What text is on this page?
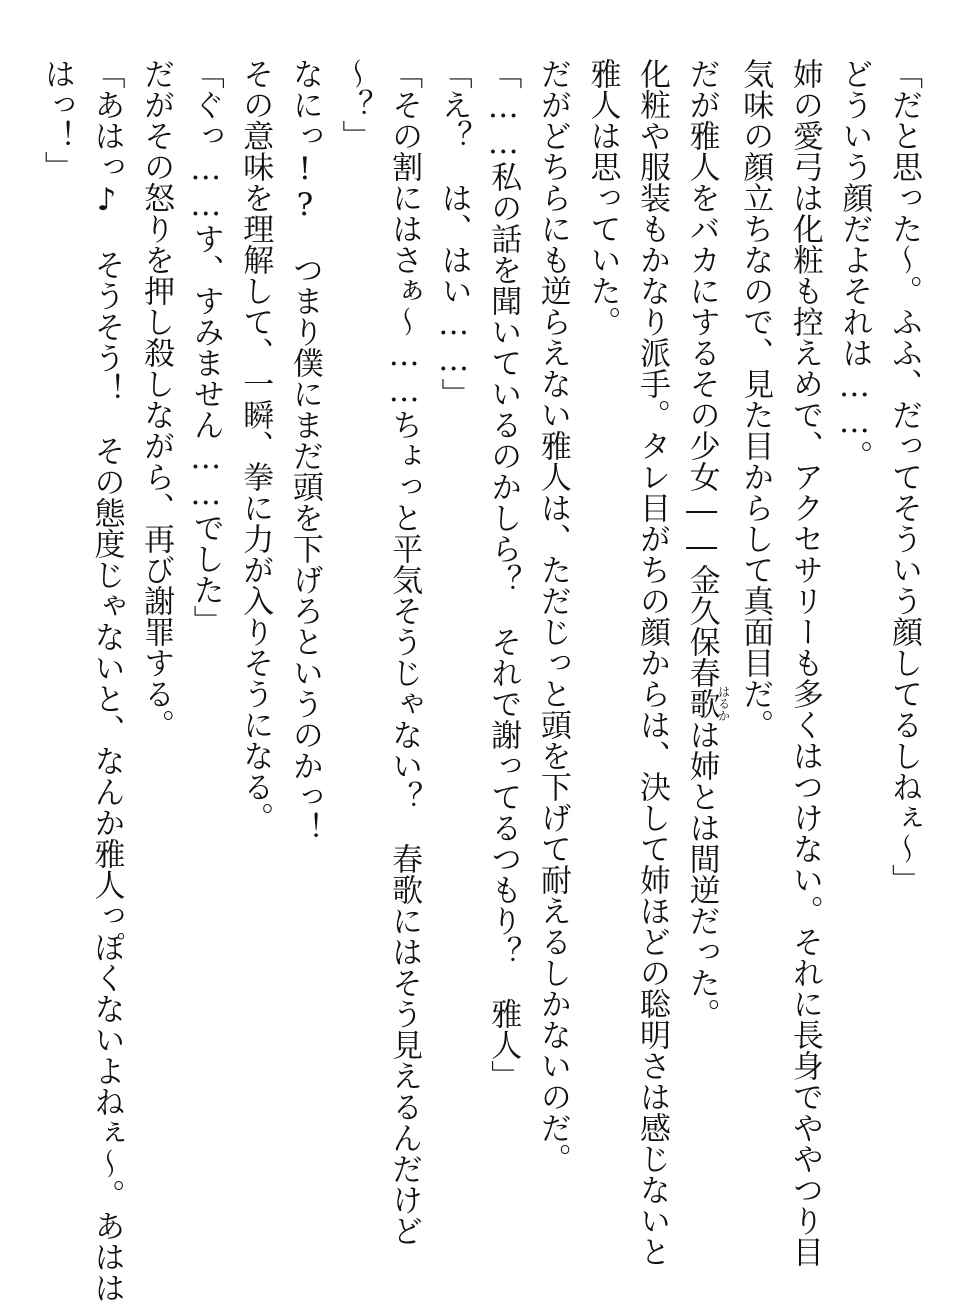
「だと思った～。ふふ、だってそういう顔してるしねぇ～」
どういう顔だよそれは……。
姉の愛弓は化粧も控えめで、アクセサリーも多くはつけない。それに長身でややつり目
気味の顔立ちなので、見た目からして真面目だ。
だが雅人をバカにするその少女――金久保春歌はるかは姉とは間逆だった。
化粧や服装もかなり派手。タレ目がちの顔からは、決して姉ほどの聡明さは感じないと
雅人は思っていた。
だがどちらにも逆らえない雅人は、ただじっと頭を下げて耐えるしかないのだ。
「……私の話を聞いているのかしら？　それで謝ってるつもり？　雅人」
「え？　は、はい……」
「その割にはさぁ～……ちょっと平気そうじゃない？　春歌にはそう見えるんだけど
～？」
なにっ!?　つまり僕にまだ頭を下げろというのかっ！
その意味を理解して、一瞬、拳に力が入りそうになる。
「ぐっ……す、すみません……でした」
だがその怒りを押し殺しながら、再び謝罪する。
「あはっ♪　そうそう！　その態度じゃないと、なんか雅人っぽくないよねぇ～。あはは
はっ！」
